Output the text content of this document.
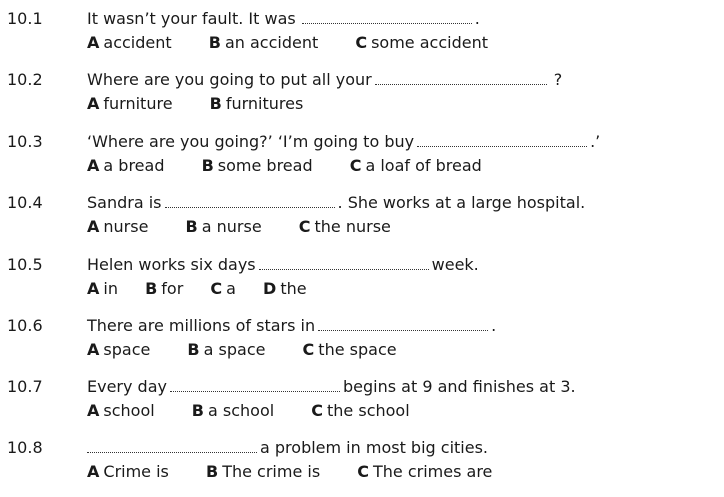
10.1	It wasn’t your fault. It was	.
A accident B an accident C some accident
10.2	Where are you going to put all your	?
A furniture B furnitures
10.3	‘Where are you going?’ ‘I’m going to buy	.’
A a bread B some bread C a loaf of bread
10.4	Sandra is	. She works at a large hospital.
A nurse B a nurse C the nurse
10.5	Helen works six days	week.
A in B for C a D the
10.6	There are millions of stars in	.
A space B a space C the space
10.7	Every day	begins at 9 and finishes at 3.
A school B a school C the school
10.8	a problem in most big cities.
A Crime is B The crime is C The crimes are
